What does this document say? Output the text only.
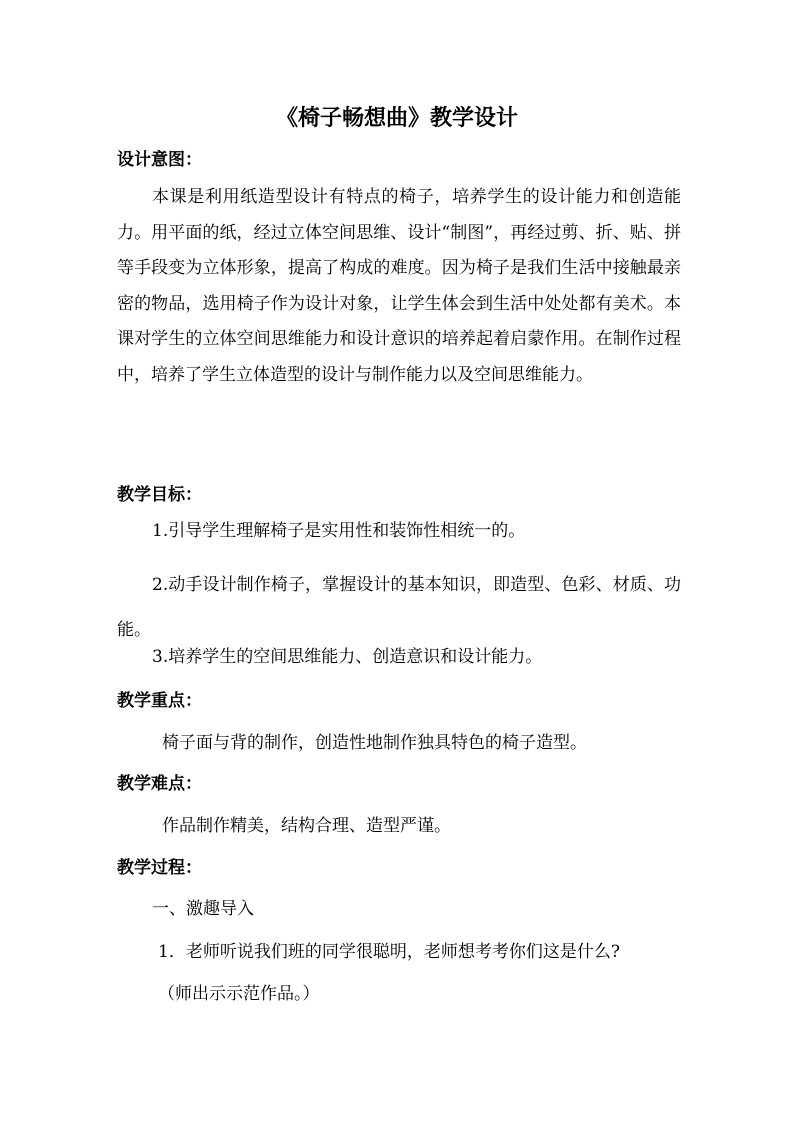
《椅子畅想曲》教学设计
设计意图：

本课是利用纸造型设计有特点的椅子，培养学生的设计能力和创造能力。用平面的纸，经过立体空间思维、设计“制图”，再经过剪、折、贴、拼等手段变为立体形象，提高了构成的难度。因为椅子是我们生活中接触最亲密的物品，选用椅子作为设计对象，让学生体会到生活中处处都有美术。本课对学生的立体空间思维能力和设计意识的培养起着启蒙作用。在制作过程中，培养了学生立体造型的设计与制作能力以及空间思维能力。

教学目标：
1.引导学生理解椅子是实用性和装饰性相统一的。

2.动手设计制作椅子，掌握设计的基本知识，即造型、色彩、材质、功能。

3.培养学生的空间思维能力、创造意识和设计能力。
教学重点：
椅子面与背的制作，创造性地制作独具特色的椅子造型。
教学难点：
作品制作精美，结构合理、造型严谨。
教学过程：
一、激趣导入
1．老师听说我们班的同学很聪明，老师想考考你们这是什么?
（师出示示范作品。）
